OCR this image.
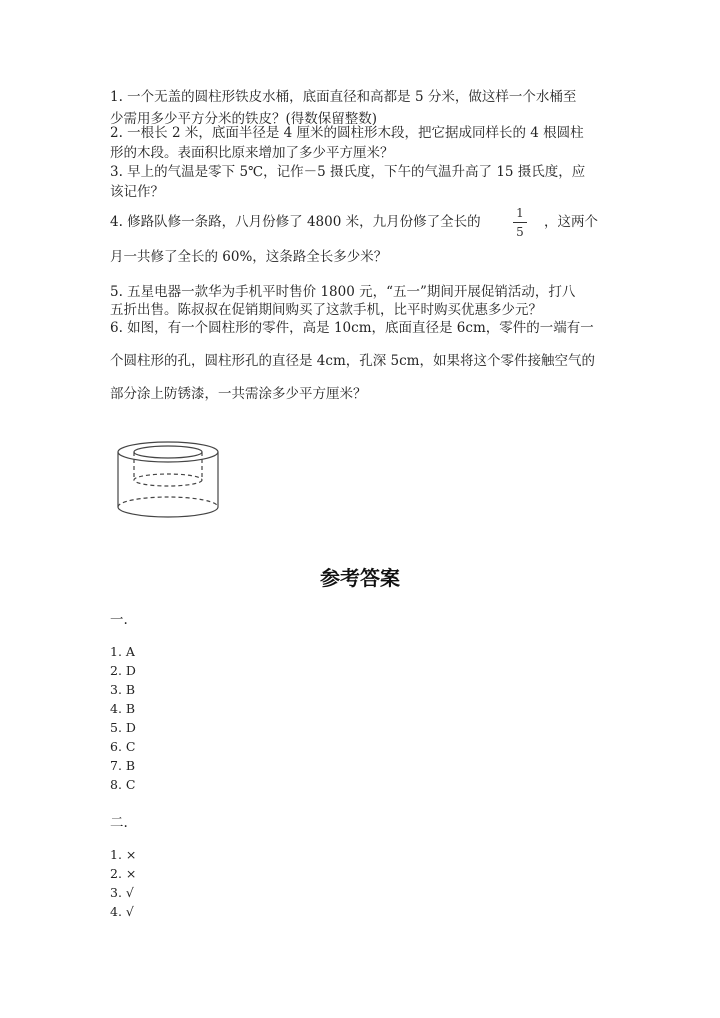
1. 一个无盖的圆柱形铁皮水桶，底面直径和高都是 5 分米，做这样一个水桶至
少需用多少平方分米的铁皮？(得数保留整数)
2. 一根长 2 米，底面半径是 4 厘米的圆柱形木段，把它据成同样长的 4 根圆柱
形的木段。表面积比原来增加了多少平方厘米？
3. 早上的气温是零下 5℃，记作－5 摄氏度，下午的气温升高了 15 摄氏度，应
该记作？
4. 修路队修一条路，八月份修了 4800 米，九月份修了全长的
1
5
，这两个
月一共修了全长的 60%，这条路全长多少米？
5. 五星电器一款华为手机平时售价 1800 元，“五一”期间开展促销活动，打八
五折出售。陈叔叔在促销期间购买了这款手机，比平时购买优惠多少元？
6. 如图，有一个圆柱形的零件，高是 10cm，底面直径是 6cm，零件的一端有一
个圆柱形的孔，圆柱形孔的直径是 4cm，孔深 5cm，如果将这个零件接触空气的
部分涂上防锈漆，一共需涂多少平方厘米？
参考答案
一.
1. A
2. D
3. B
4. B
5. D
6. C
7. B
8. C
二.
1. ×
2. ×
3. √
4. √
